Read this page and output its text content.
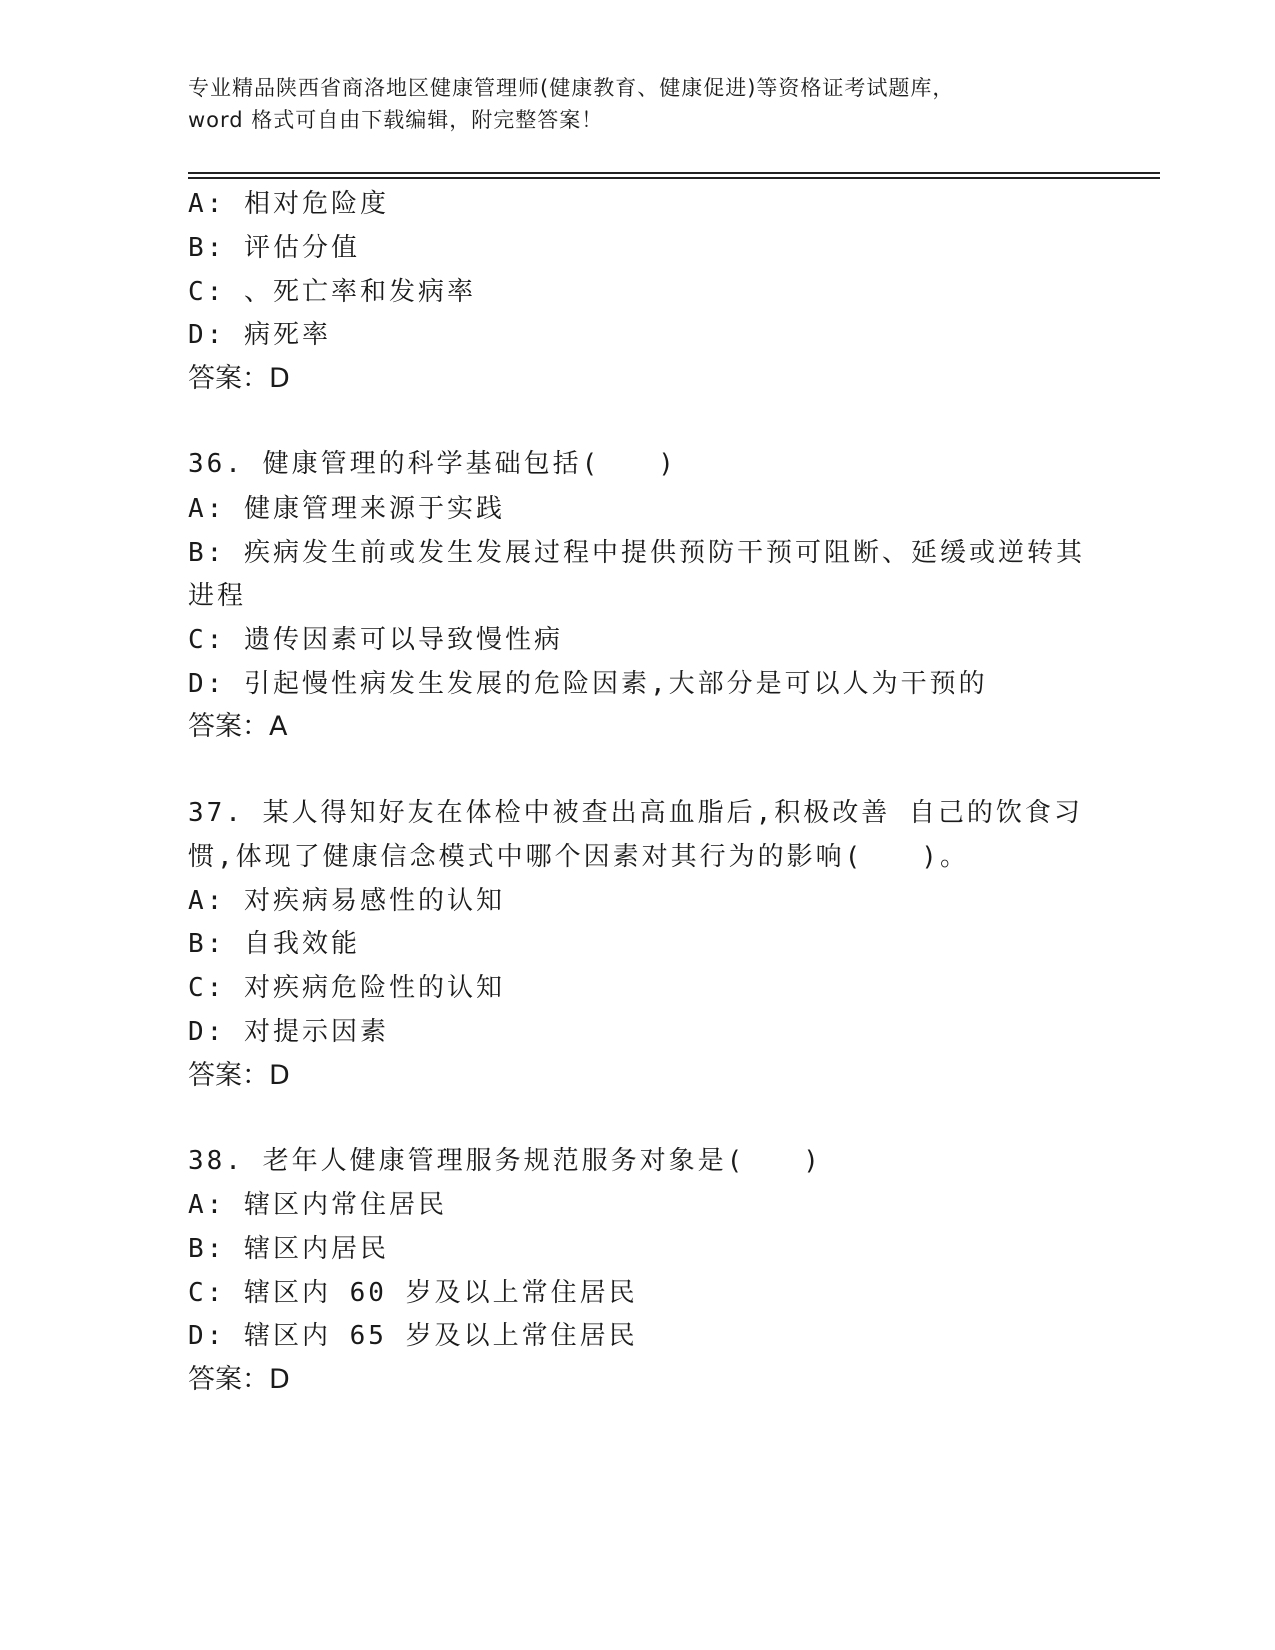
专业精品陕西省商洛地区健康管理师(健康教育、健康促进)等资格证考试题库，
word 格式可自由下载编辑，附完整答案！
A: 相对危险度
B: 评估分值
C: 、死亡率和发病率
D: 病死率
答案：D
36. 健康管理的科学基础包括(　　)
A: 健康管理来源于实践
B: 疾病发生前或发生发展过程中提供预防干预可阻断、延缓或逆转其
进程
C: 遗传因素可以导致慢性病
D: 引起慢性病发生发展的危险因素,大部分是可以人为干预的
答案：A
37. 某人得知好友在体检中被查出高血脂后,积极改善 自己的饮食习
惯,体现了健康信念模式中哪个因素对其行为的影响(　　)。
A: 对疾病易感性的认知
B: 自我效能
C: 对疾病危险性的认知
D: 对提示因素
答案：D
38. 老年人健康管理服务规范服务对象是(　　)
A: 辖区内常住居民
B: 辖区内居民
C: 辖区内 60 岁及以上常住居民
D: 辖区内 65 岁及以上常住居民
答案：D
